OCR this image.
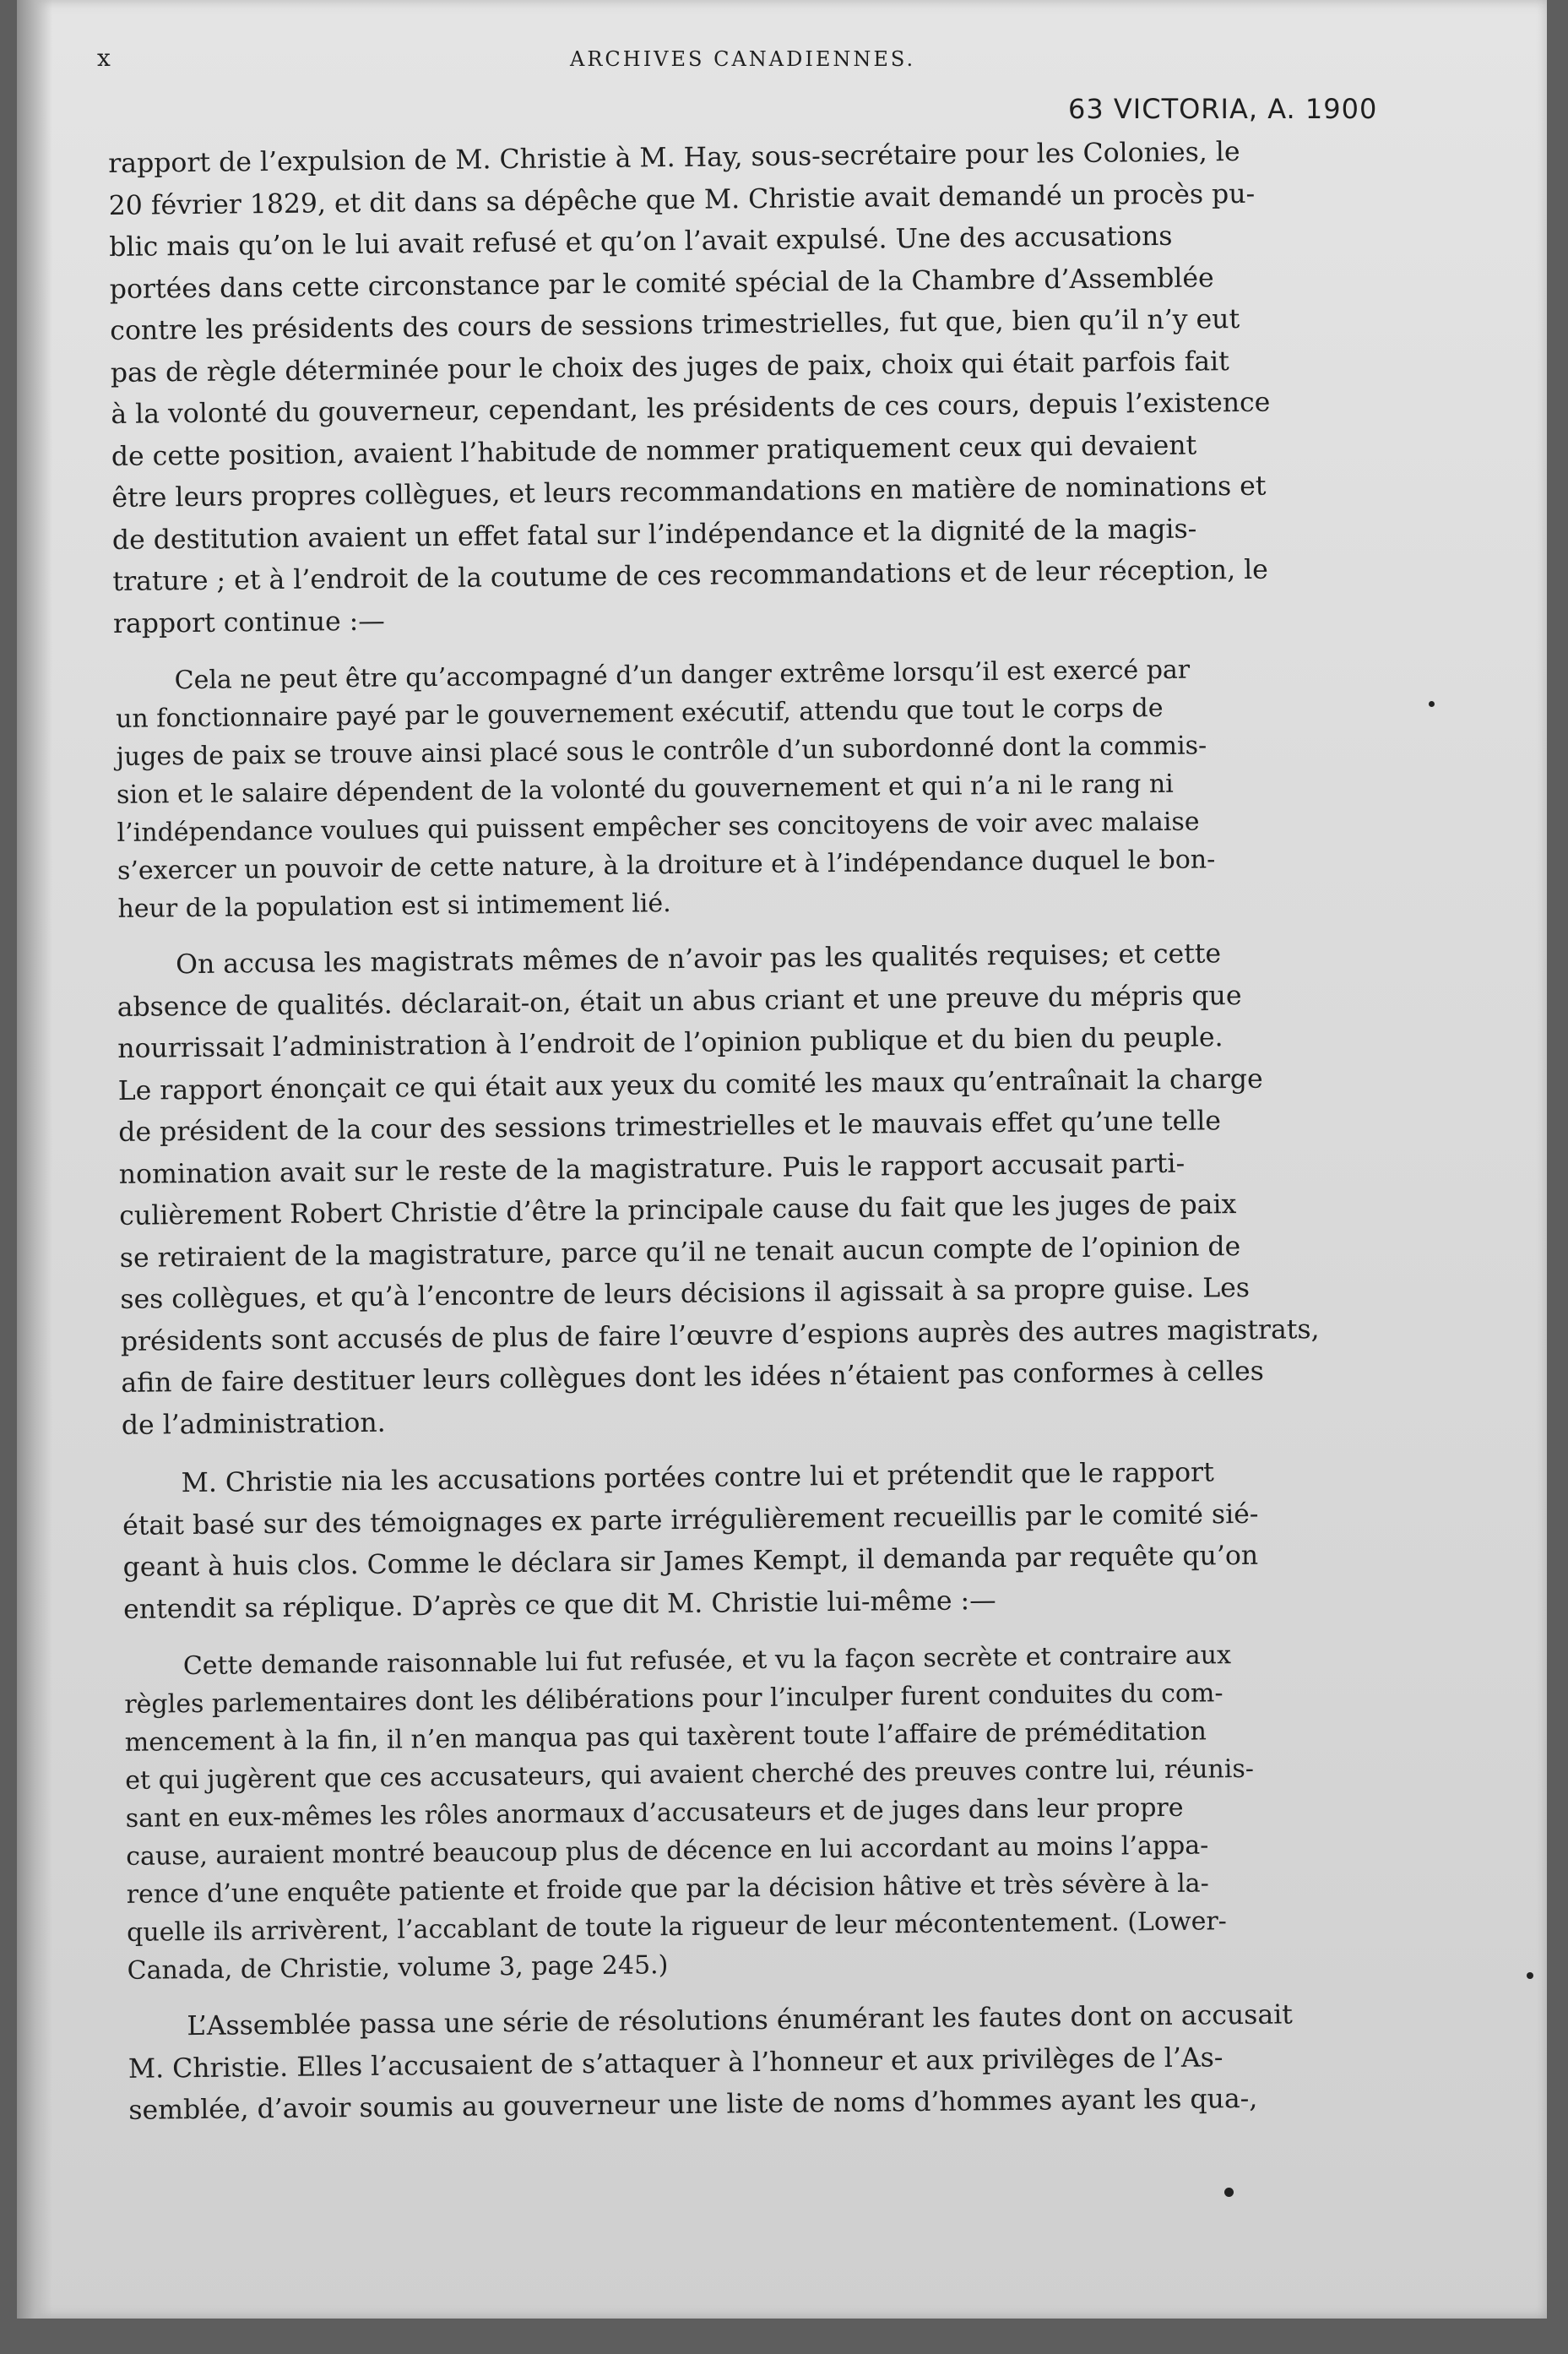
x	ARCHIVES CANADIENNES.
63 VICTORIA, A. 1900

rapport de l’expulsion de M. Christie à M. Hay, sous-secrétaire pour les Colonies, le
20 février 1829, et dit dans sa dépêche que M. Christie avait demandé un procès pu-
blic mais qu’on le lui avait refusé et qu’on l’avait expulsé. Une des accusations
portées dans cette circonstance par le comité spécial de la Chambre d’Assemblée
contre les présidents des cours de sessions trimestrielles, fut que, bien qu’il n’y eut
pas de règle déterminée pour le choix des juges de paix, choix qui était parfois fait
à la volonté du gouverneur, cependant, les présidents de ces cours, depuis l’existence
de cette position, avaient l’habitude de nommer pratiquement ceux qui devaient
être leurs propres collègues, et leurs recommandations en matière de nominations et
de destitution avaient un effet fatal sur l’indépendance et la dignité de la magis-
trature ; et à l’endroit de la coutume de ces recommandations et de leur réception, le
rapport continue :—

Cela ne peut être qu’accompagné d’un danger extrême lorsqu’il est exercé par
un fonctionnaire payé par le gouvernement exécutif, attendu que tout le corps de
juges de paix se trouve ainsi placé sous le contrôle d’un subordonné dont la commis-
sion et le salaire dépendent de la volonté du gouvernement et qui n’a ni le rang ni
l’indépendance voulues qui puissent empêcher ses concitoyens de voir avec malaise
s’exercer un pouvoir de cette nature, à la droiture et à l’indépendance duquel le bon-
heur de la population est si intimement lié.

On accusa les magistrats mêmes de n’avoir pas les qualités requises; et cette
absence de qualités. déclarait-on, était un abus criant et une preuve du mépris que
nourrissait l’administration à l’endroit de l’opinion publique et du bien du peuple.
Le rapport énonçait ce qui était aux yeux du comité les maux qu’entraînait la charge
de président de la cour des sessions trimestrielles et le mauvais effet qu’une telle
nomination avait sur le reste de la magistrature. Puis le rapport accusait parti-
culièrement Robert Christie d’être la principale cause du fait que les juges de paix
se retiraient de la magistrature, parce qu’il ne tenait aucun compte de l’opinion de
ses collègues, et qu’à l’encontre de leurs décisions il agissait à sa propre guise. Les
présidents sont accusés de plus de faire l’œuvre d’espions auprès des autres magistrats,
afin de faire destituer leurs collègues dont les idées n’étaient pas conformes à celles
de l’administration.

M. Christie nia les accusations portées contre lui et prétendit que le rapport
était basé sur des témoignages ex parte irrégulièrement recueillis par le comité sié-
geant à huis clos. Comme le déclara sir James Kempt, il demanda par requête qu’on
entendit sa réplique. D’après ce que dit M. Christie lui-même :—

Cette demande raisonnable lui fut refusée, et vu la façon secrète et contraire aux
règles parlementaires dont les délibérations pour l’inculper furent conduites du com-
mencement à la fin, il n’en manqua pas qui taxèrent toute l’affaire de préméditation
et qui jugèrent que ces accusateurs, qui avaient cherché des preuves contre lui, réunis-
sant en eux-mêmes les rôles anormaux d’accusateurs et de juges dans leur propre
cause, auraient montré beaucoup plus de décence en lui accordant au moins l’appa-
rence d’une enquête patiente et froide que par la décision hâtive et très sévère à la-
quelle ils arrivèrent, l’accablant de toute la rigueur de leur mécontentement. (Lower-
Canada, de Christie, volume 3, page 245.)

L’Assemblée passa une série de résolutions énumérant les fautes dont on accusait
M. Christie. Elles l’accusaient de s’attaquer à l’honneur et aux privilèges de l’As-
semblée, d’avoir soumis au gouverneur une liste de noms d’hommes ayant les qua-,
